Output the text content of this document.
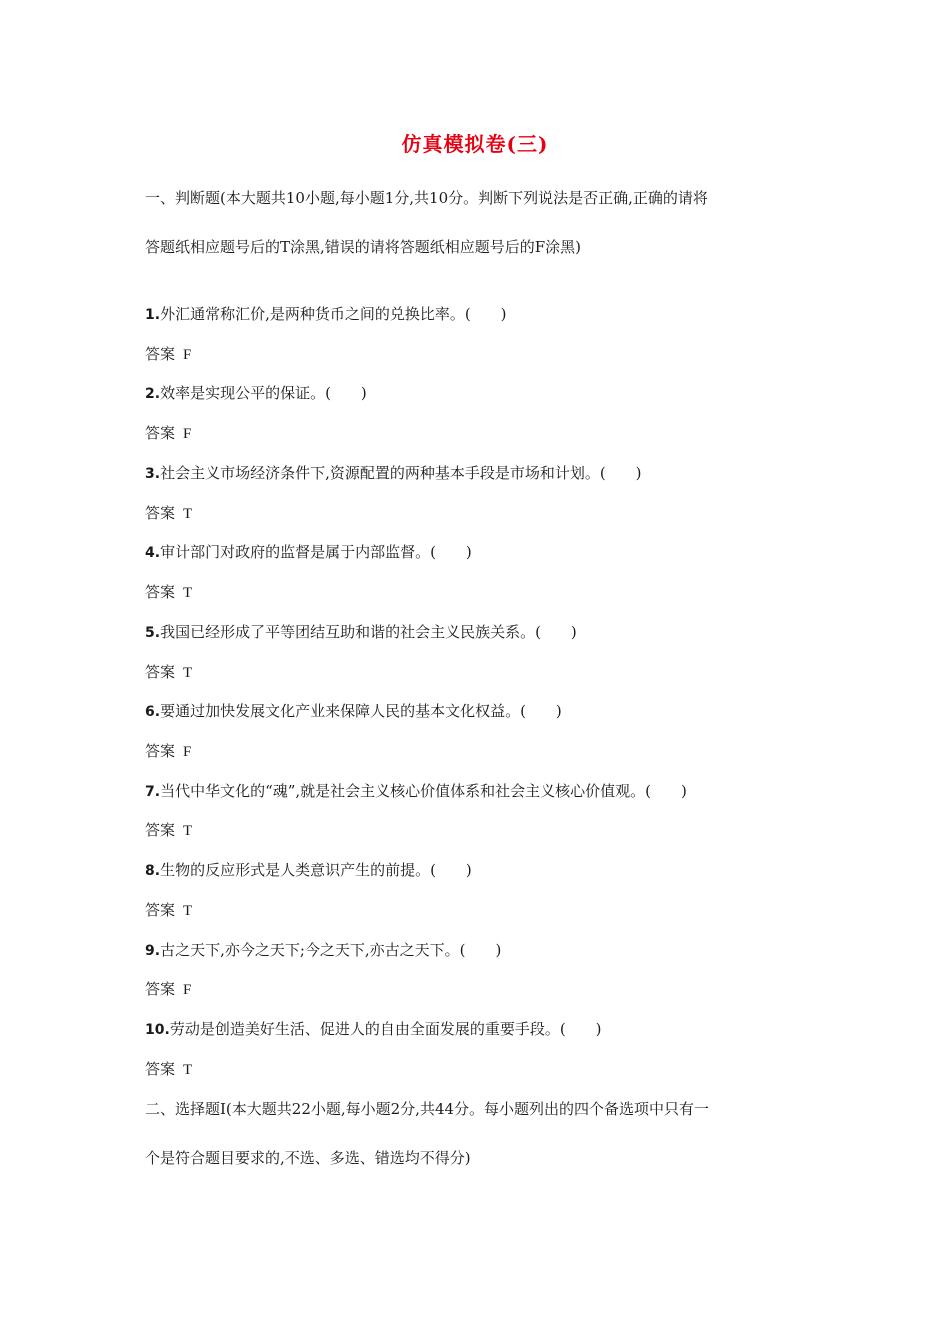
仿真模拟卷(三)
一、判断题(本大题共10小题,每小题1分,共10分。判断下列说法是否正确,正确的请将
答题纸相应题号后的T涂黑,错误的请将答题纸相应题号后的F涂黑)
1.外汇通常称汇价,是两种货币之间的兑换比率。(　　)
答案 F
2.效率是实现公平的保证。(　　)
答案 F
3.社会主义市场经济条件下,资源配置的两种基本手段是市场和计划。(　　)
答案 T
4.审计部门对政府的监督是属于内部监督。(　　)
答案 T
5.我国已经形成了平等团结互助和谐的社会主义民族关系。(　　)
答案 T
6.要通过加快发展文化产业来保障人民的基本文化权益。(　　)
答案 F
7.当代中华文化的“魂”,就是社会主义核心价值体系和社会主义核心价值观。(　　)
答案 T
8.生物的反应形式是人类意识产生的前提。(　　)
答案 T
9.古之天下,亦今之天下;今之天下,亦古之天下。(　　)
答案 F
10.劳动是创造美好生活、促进人的自由全面发展的重要手段。(　　)
答案 T
二、选择题Ⅰ(本大题共22小题,每小题2分,共44分。每小题列出的四个备选项中只有一
个是符合题目要求的,不选、多选、错选均不得分)
